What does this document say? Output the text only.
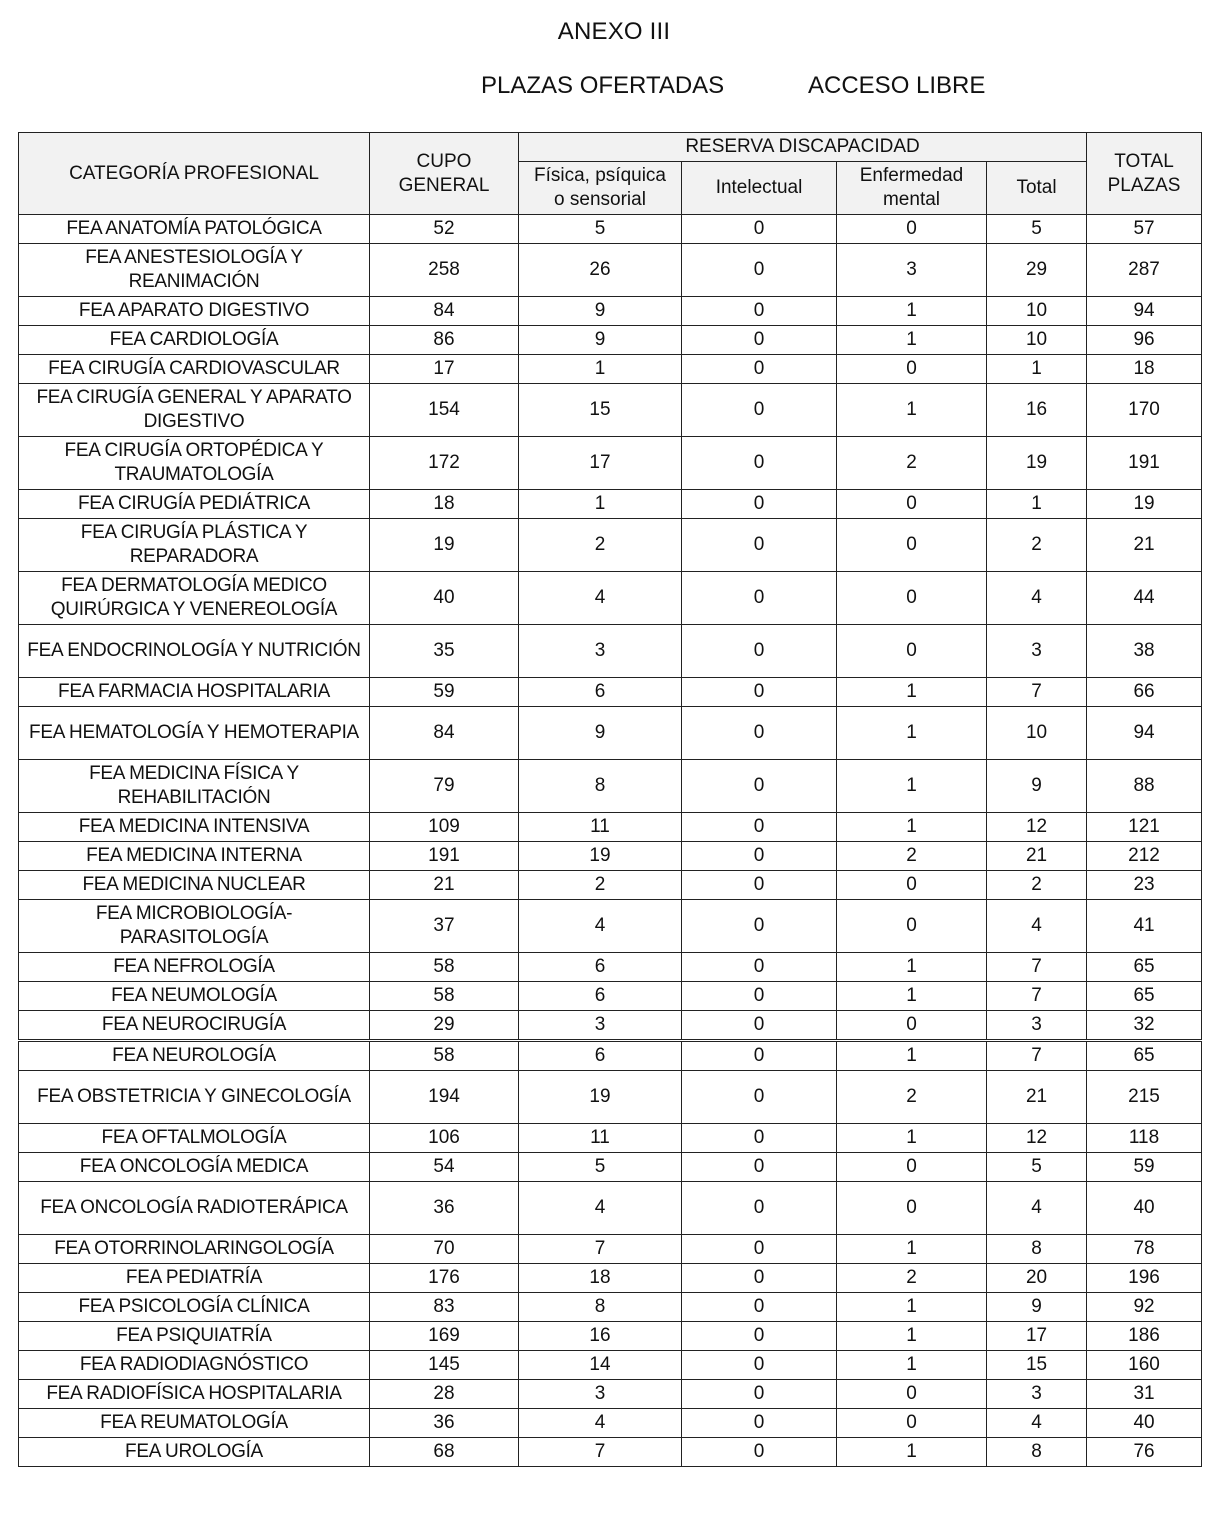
ANEXO III
PLAZAS OFERTADAS	ACCESO LIBRE
CATEGORÍA PROFESIONAL	CUPO GENERAL	RESERVA DISCAPACIDAD				TOTAL PLAZAS
		Física, psíquica o sensorial	Intelectual	Enfermedad mental	Total	
FEA ANATOMÍA PATOLÓGICA	52	5	0	0	5	57
FEA ANESTESIOLOGÍA Y REANIMACIÓN	258	26	0	3	29	287
FEA APARATO DIGESTIVO	84	9	0	1	10	94
FEA CARDIOLOGÍA	86	9	0	1	10	96
FEA CIRUGÍA CARDIOVASCULAR	17	1	0	0	1	18
FEA CIRUGÍA GENERAL Y APARATO DIGESTIVO	154	15	0	1	16	170
FEA CIRUGÍA ORTOPÉDICA Y TRAUMATOLOGÍA	172	17	0	2	19	191
FEA CIRUGÍA PEDIÁTRICA	18	1	0	0	1	19
FEA CIRUGÍA PLÁSTICA Y REPARADORA	19	2	0	0	2	21
FEA DERMATOLOGÍA MEDICO QUIRÚRGICA Y VENEREOLOGÍA	40	4	0	0	4	44
FEA ENDOCRINOLOGÍA Y NUTRICIÓN	35	3	0	0	3	38
FEA FARMACIA HOSPITALARIA	59	6	0	1	7	66
FEA HEMATOLOGÍA Y HEMOTERAPIA	84	9	0	1	10	94
FEA MEDICINA FÍSICA Y REHABILITACIÓN	79	8	0	1	9	88
FEA MEDICINA INTENSIVA	109	11	0	1	12	121
FEA MEDICINA INTERNA	191	19	0	2	21	212
FEA MEDICINA NUCLEAR	21	2	0	0	2	23
FEA MICROBIOLOGÍA- PARASITOLOGÍA	37	4	0	0	4	41
FEA NEFROLOGÍA	58	6	0	1	7	65
FEA NEUMOLOGÍA	58	6	0	1	7	65
FEA NEUROCIRUGÍA	29	3	0	0	3	32
FEA NEUROLOGÍA	58	6	0	1	7	65
FEA OBSTETRICIA Y GINECOLOGÍA	194	19	0	2	21	215
FEA OFTALMOLOGÍA	106	11	0	1	12	118
FEA ONCOLOGÍA MEDICA	54	5	0	0	5	59
FEA ONCOLOGÍA RADIOTERÁPICA	36	4	0	0	4	40
FEA OTORRINOLARINGOLOGÍA	70	7	0	1	8	78
FEA PEDIATRÍA	176	18	0	2	20	196
FEA PSICOLOGÍA CLÍNICA	83	8	0	1	9	92
FEA PSIQUIATRÍA	169	16	0	1	17	186
FEA RADIODIAGNÓSTICO	145	14	0	1	15	160
FEA RADIOFÍSICA HOSPITALARIA	28	3	0	0	3	31
FEA REUMATOLOGÍA	36	4	0	0	4	40
FEA UROLOGÍA	68	7	0	1	8	76
